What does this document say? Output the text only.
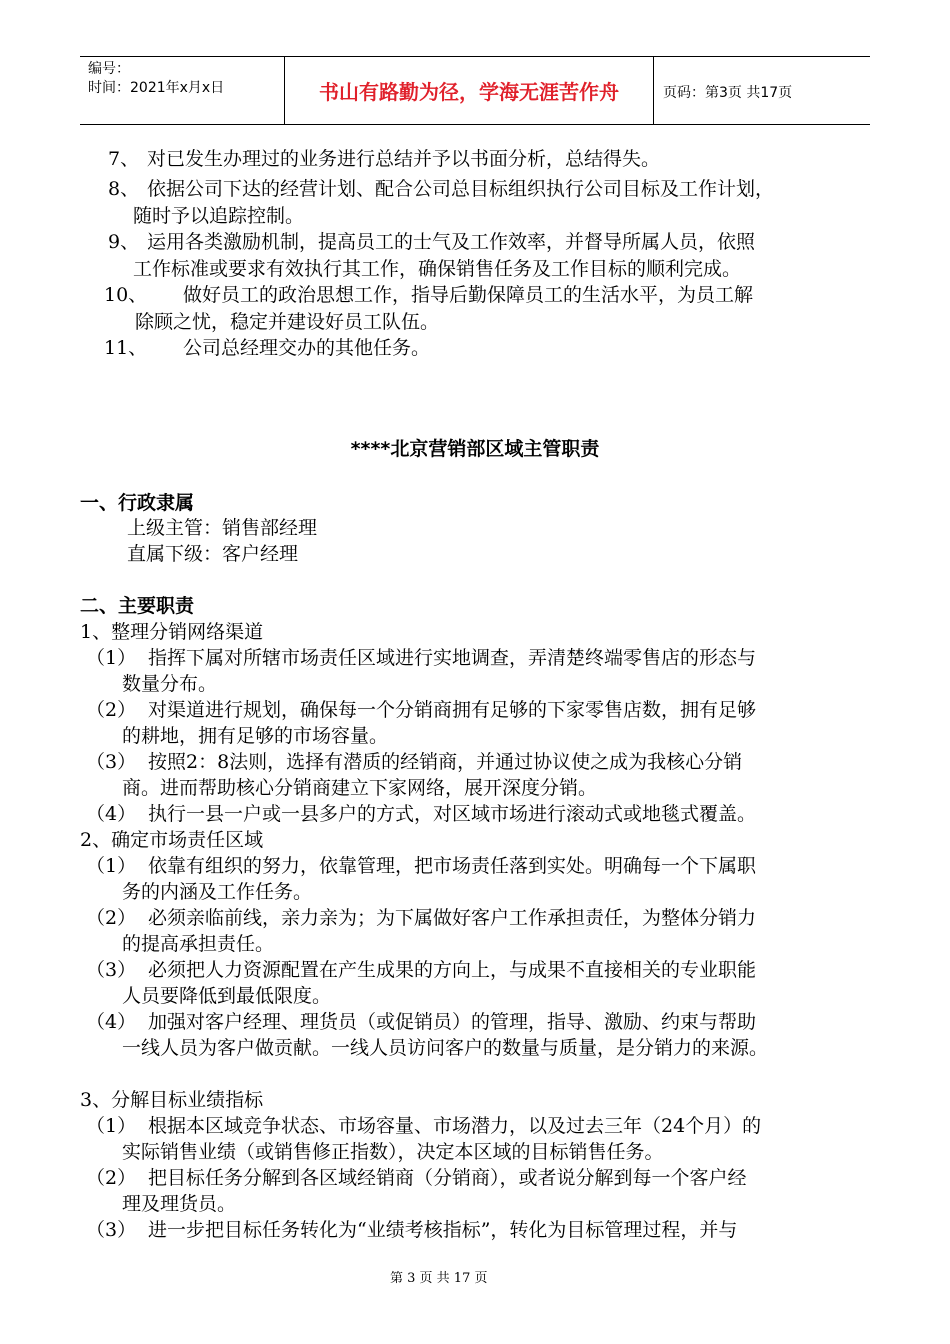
编号：
时间：2021年x月x日	书山有路勤为径，学海无涯苦作舟	页码：第3页 共17页
7、 对已发生办理过的业务进行总结并予以书面分析，总结得失。
8、 依据公司下达的经营计划、配合公司总目标组织执行公司目标及工作计划，
随时予以追踪控制。
9、 运用各类激励机制，提高员工的士气及工作效率，并督导所属人员，依照
工作标准或要求有效执行其工作，确保销售任务及工作目标的顺利完成。
10、 做好员工的政治思想工作，指导后勤保障员工的生活水平，为员工解
除顾之忧，稳定并建设好员工队伍。
11、 公司总经理交办的其他任务。
****北京营销部区域主管职责
一、行政隶属
上级主管：销售部经理
直属下级：客户经理
二、主要职责
1、整理分销网络渠道
（1） 指挥下属对所辖市场责任区域进行实地调查，弄清楚终端零售店的形态与
数量分布。
（2） 对渠道进行规划，确保每一个分销商拥有足够的下家零售店数，拥有足够
的耕地，拥有足够的市场容量。
（3） 按照2：8法则，选择有潜质的经销商，并通过协议使之成为我核心分销
商。进而帮助核心分销商建立下家网络，展开深度分销。
（4） 执行一县一户或一县多户的方式，对区域市场进行滚动式或地毯式覆盖。
2、确定市场责任区域
（1） 依靠有组织的努力，依靠管理，把市场责任落到实处。明确每一个下属职
务的内涵及工作任务。
（2） 必须亲临前线，亲力亲为；为下属做好客户工作承担责任，为整体分销力
的提高承担责任。
（3） 必须把人力资源配置在产生成果的方向上，与成果不直接相关的专业职能
人员要降低到最低限度。
（4） 加强对客户经理、理货员（或促销员）的管理，指导、激励、约束与帮助
一线人员为客户做贡献。一线人员访问客户的数量与质量，是分销力的来源。
3、分解目标业绩指标
（1） 根据本区域竞争状态、市场容量、市场潜力，以及过去三年（24个月）的
实际销售业绩（或销售修正指数），决定本区域的目标销售任务。
（2） 把目标任务分解到各区域经销商（分销商），或者说分解到每一个客户经
理及理货员。
（3） 进一步把目标任务转化为“业绩考核指标”，转化为目标管理过程，并与
第 3 页 共 17 页
